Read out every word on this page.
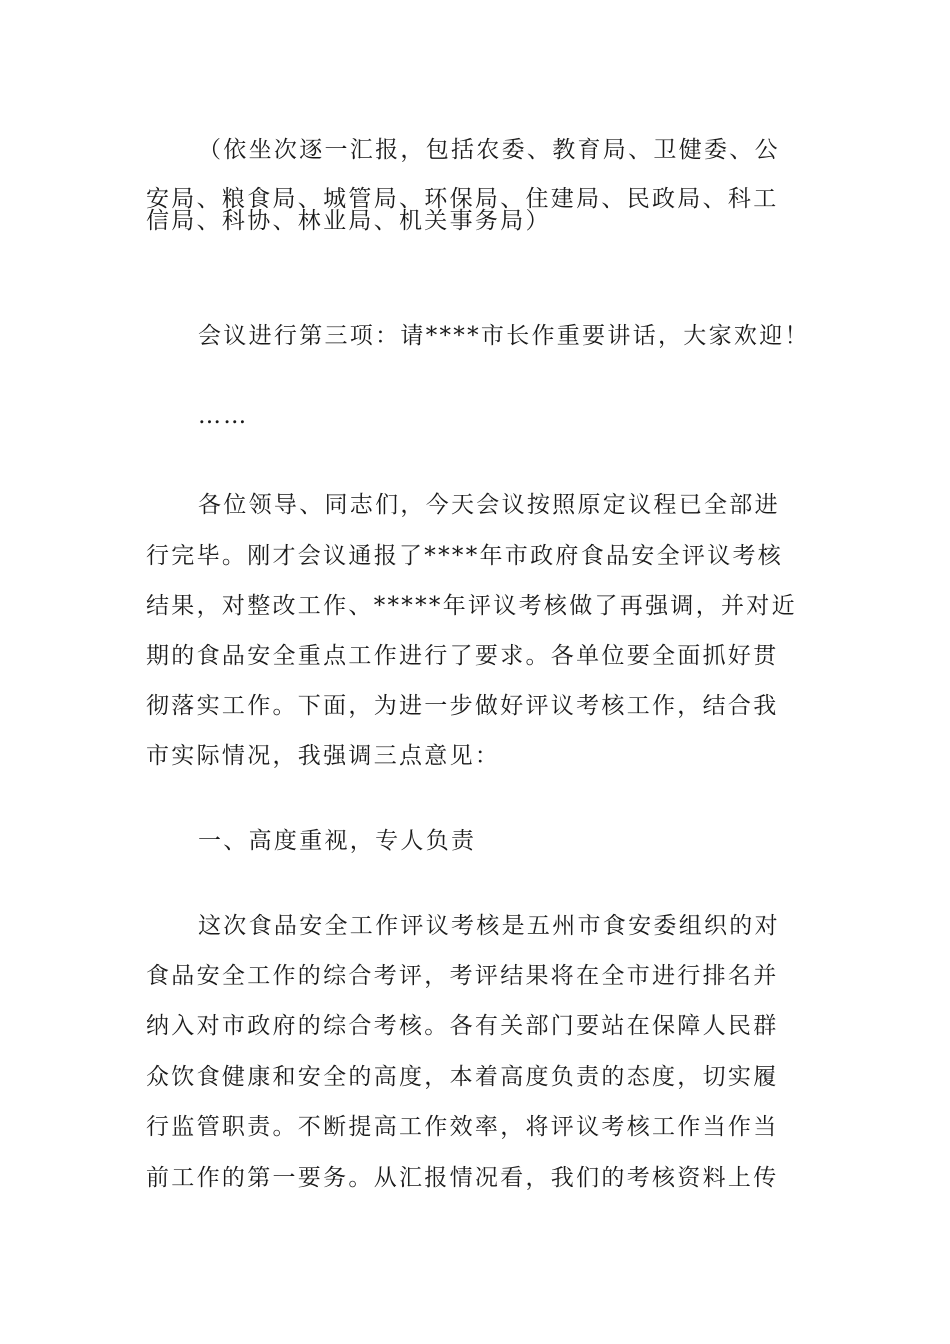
（依坐次逐一汇报，包括农委、教育局、卫健委、公
安局、粮食局、城管局、环保局、住建局、民政局、科工
信局、科协、林业局、机关事务局）
会议进行第三项：请****市长作重要讲话，大家欢迎！
……
各位领导、同志们，今天会议按照原定议程已全部进
行完毕。刚才会议通报了****年市政府食品安全评议考核
结果，对整改工作、*****年评议考核做了再强调，并对近
期的食品安全重点工作进行了要求。各单位要全面抓好贯
彻落实工作。下面，为进一步做好评议考核工作，结合我
市实际情况，我强调三点意见：
一、高度重视，专人负责
这次食品安全工作评议考核是五州市食安委组织的对
食品安全工作的综合考评，考评结果将在全市进行排名并
纳入对市政府的综合考核。各有关部门要站在保障人民群
众饮食健康和安全的高度，本着高度负责的态度，切实履
行监管职责。不断提高工作效率，将评议考核工作当作当
前工作的第一要务。从汇报情况看，我们的考核资料上传
